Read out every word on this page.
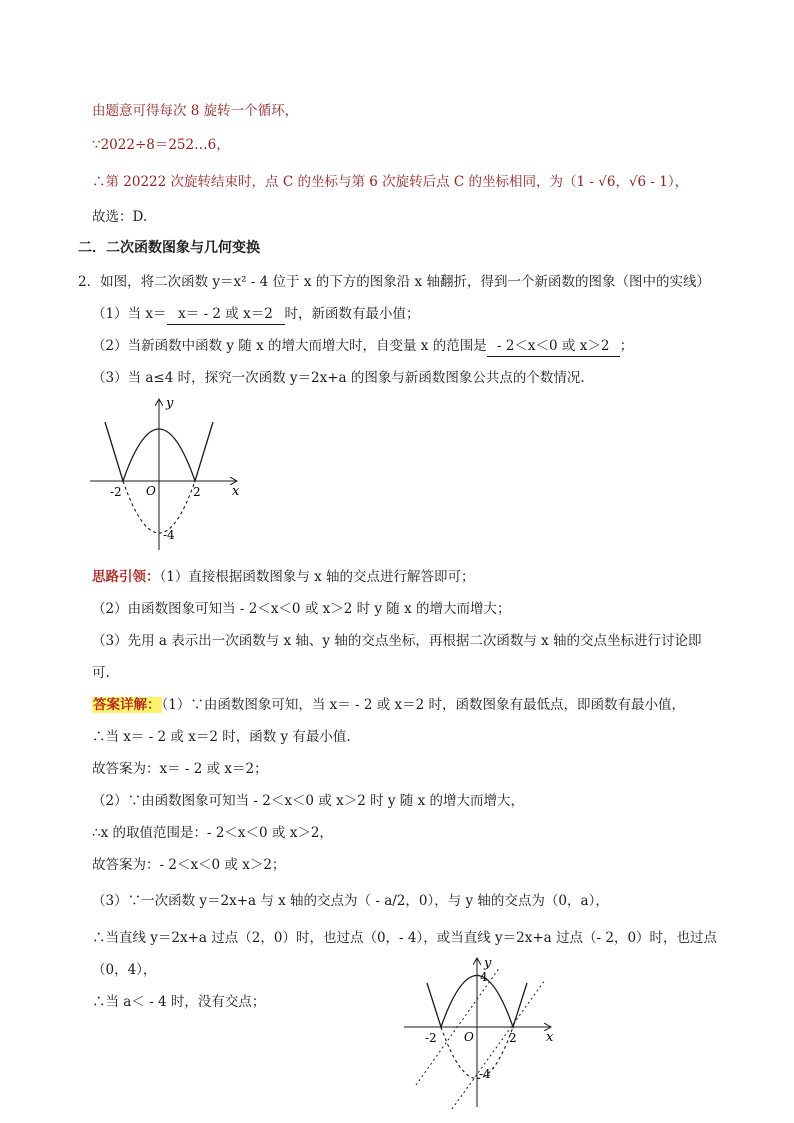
由题意可得每次 8 旋转一个循环，
∵2022÷8＝252…6，
∴第 20222 次旋转结束时，点 C 的坐标与第 6 次旋转后点 C 的坐标相同，为（1 - √6，√6 - 1），
故选：D.
二．二次函数图象与几何变换
2．如图，将二次函数 y＝x² - 4 位于 x 的下方的图象沿 x 轴翻折，得到一个新函数的图象（图中的实线）
（1）当 x＝ x＝ - 2 或 x＝2 时，新函数有最小值；
（2）当新函数中函数 y 随 x 的增大而增大时，自变量 x 的范围是 - 2＜x＜0 或 x＞2 ；
（3）当 a≤4 时，探究一次函数 y＝2x+a 的图象与新函数图象公共点的个数情况.
y
x
O
-2	2
-4
思路引领：（1）直接根据函数图象与 x 轴的交点进行解答即可；
（2）由函数图象可知当 - 2＜x＜0 或 x＞2 时 y 随 x 的增大而增大；
（3）先用 a 表示出一次函数与 x 轴、y 轴的交点坐标，再根据二次函数与 x 轴的交点坐标进行讨论即
可.
答案详解：（1）∵由函数图象可知，当 x＝ - 2 或 x＝2 时，函数图象有最低点，即函数有最小值，
∴当 x＝ - 2 或 x＝2 时，函数 y 有最小值.
故答案为：x＝ - 2 或 x＝2；
（2）∵由函数图象可知当 - 2＜x＜0 或 x＞2 时 y 随 x 的增大而增大，
∴x 的取值范围是：- 2＜x＜0 或 x＞2，
故答案为：- 2＜x＜0 或 x＞2；
（3）∵一次函数 y＝2x+a 与 x 轴的交点为（ - a/2，0），与 y 轴的交点为（0，a），
∴当直线 y＝2x+a 过点（2，0）时，也过点（0，- 4），或当直线 y＝2x+a 过点（- 2，0）时，也过点
（0，4），
∴当 a＜ - 4 时，没有交点；
y
x
O
-2	2
4
-4
